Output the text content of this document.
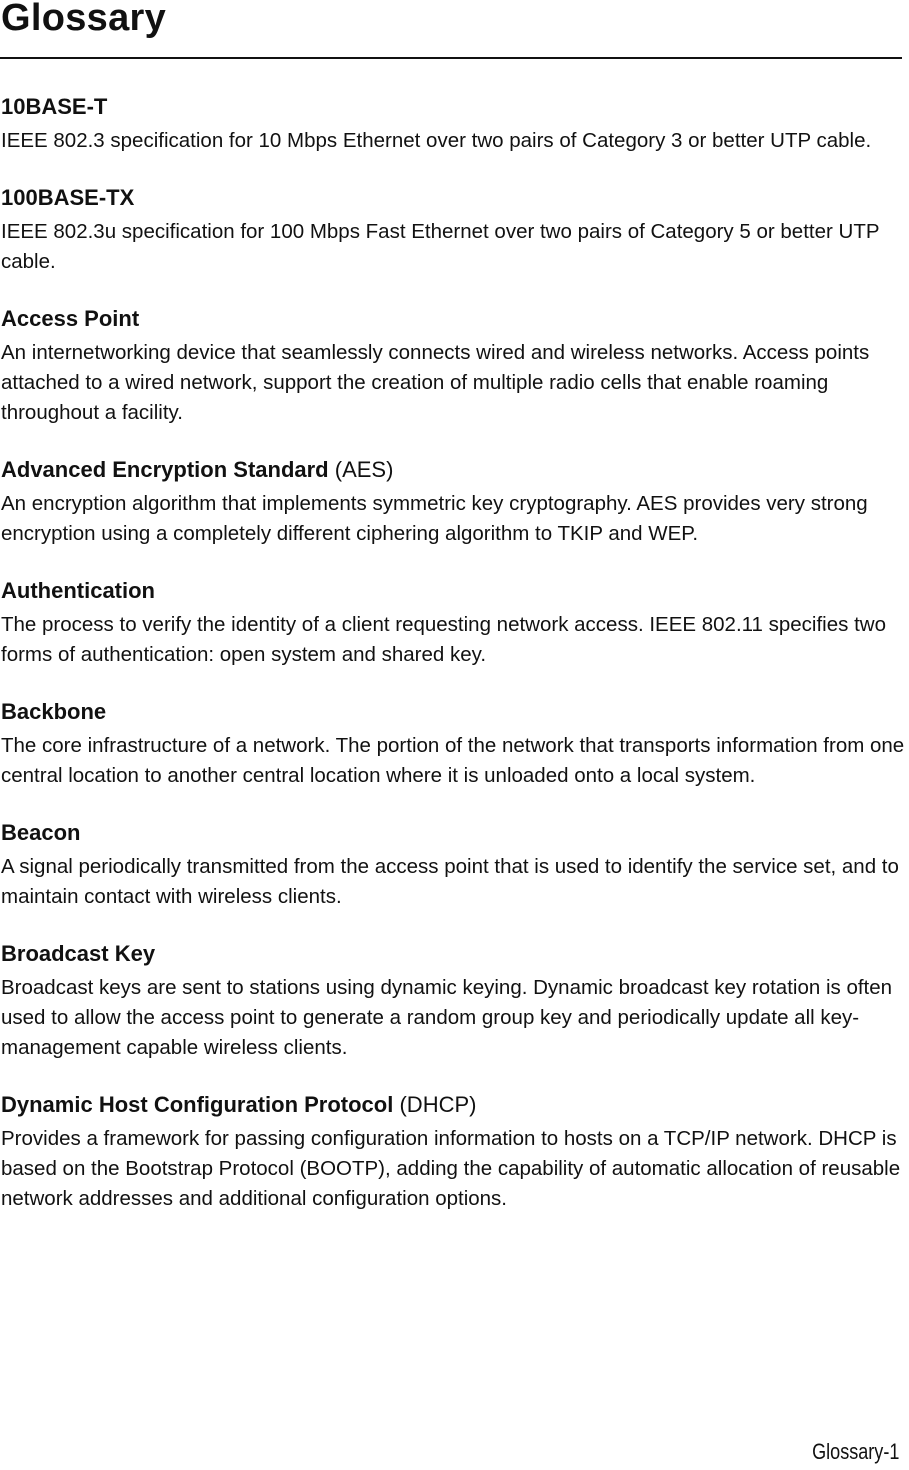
Glossary
10BASE-T

IEEE 802.3 specification for 10 Mbps Ethernet over two pairs of Category 3 or better UTP cable.

100BASE-TX

IEEE 802.3u specification for 100 Mbps Fast Ethernet over two pairs of Category 5 or better UTP cable.

Access Point

An internetworking device that seamlessly connects wired and wireless networks. Access points attached to a wired network, support the creation of multiple radio cells that enable roaming throughout a facility.

Advanced Encryption Standard (AES)

An encryption algorithm that implements symmetric key cryptography. AES provides very strong encryption using a completely different ciphering algorithm to TKIP and WEP.

Authentication

The process to verify the identity of a client requesting network access. IEEE 802.11 specifies two forms of authentication: open system and shared key.

Backbone

The core infrastructure of a network. The portion of the network that transports information from one central location to another central location where it is unloaded onto a local system.

Beacon

A signal periodically transmitted from the access point that is used to identify the service set, and to maintain contact with wireless clients.

Broadcast Key

Broadcast keys are sent to stations using dynamic keying. Dynamic broadcast key rotation is often used to allow the access point to generate a random group key and periodically update all key-management capable wireless clients.

Dynamic Host Configuration Protocol (DHCP)

Provides a framework for passing configuration information to hosts on a TCP/IP network. DHCP is based on the Bootstrap Protocol (BOOTP), adding the capability of automatic allocation of reusable network addresses and additional configuration options.

Glossary-1
